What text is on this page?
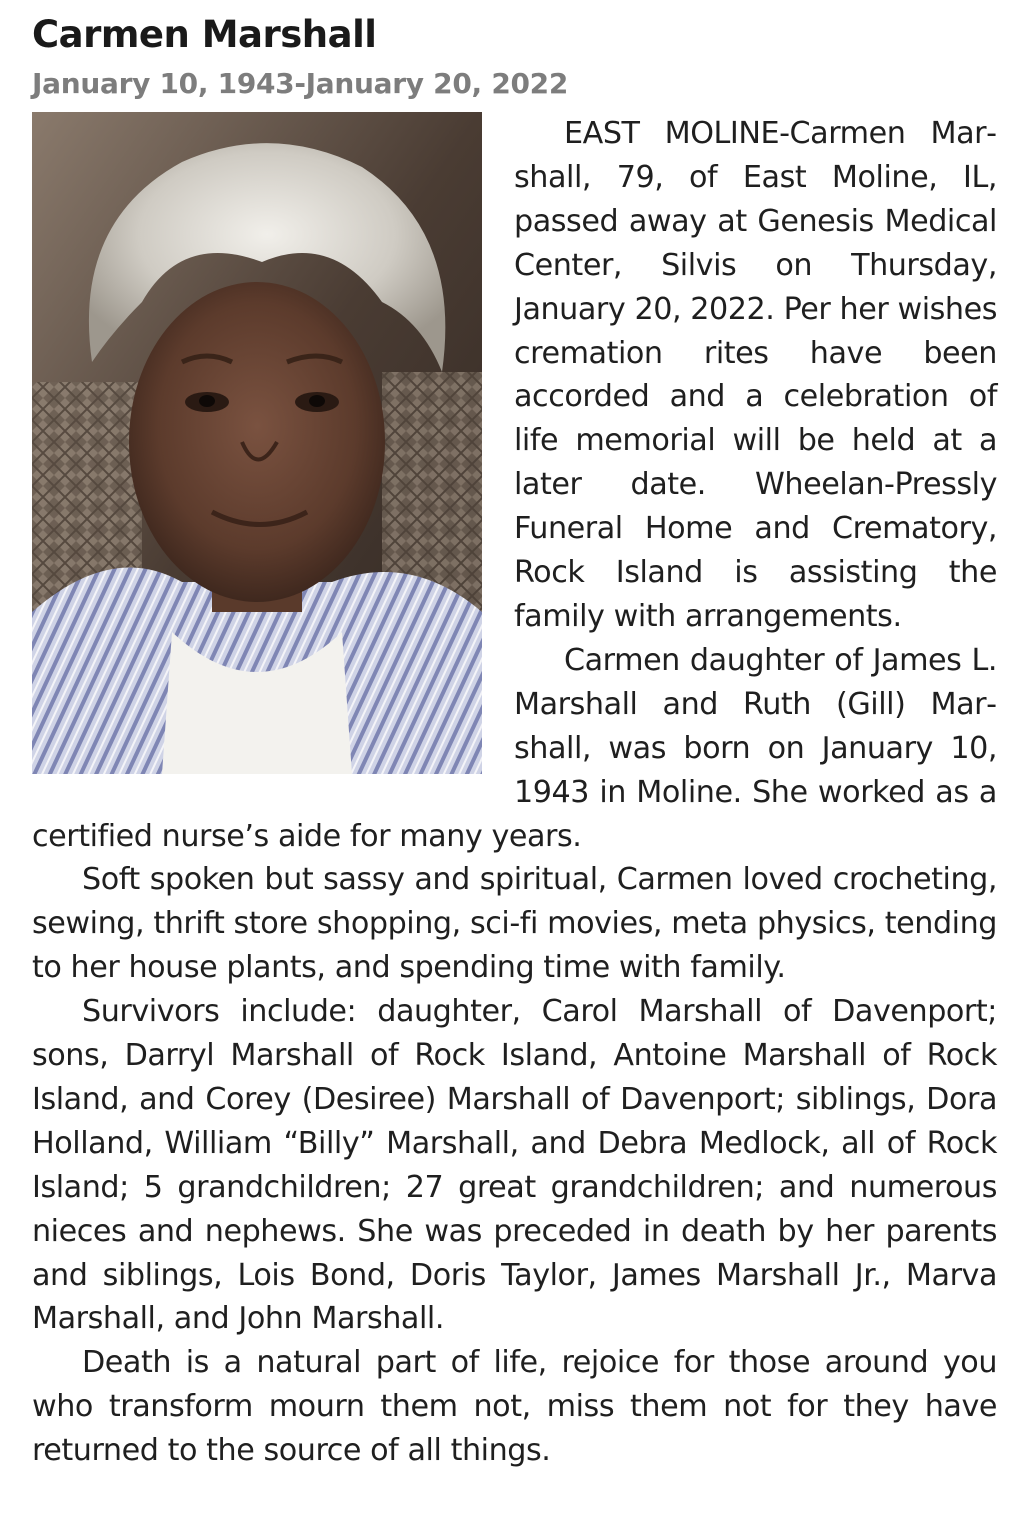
Carmen Marshall
January 10, 1943-January 20, 2022

EAST MOLINE-Carmen Marshall, 79, of East Moline, IL, passed away at Genesis Medical Center, Silvis on Thursday, January 20, 2022. Per her wishes cremation rites have been accorded and a celebration of life memorial will be held at a later date. Wheelan-Pressly Funeral Home and Crematory, Rock Island is assisting the family with arrangements.

Carmen daughter of James L. Marshall and Ruth (Gill) Marshall, was born on January 10, 1943 in Moline. She worked as a certified nurse’s aide for many years.

Soft spoken but sassy and spiritual, Carmen loved crocheting, sewing, thrift store shopping, sci-fi movies, meta physics, tending to her house plants, and spending time with family.

Survivors include: daughter, Carol Marshall of Davenport; sons, Darryl Marshall of Rock Island, Antoine Marshall of Rock Island, and Corey (Desiree) Marshall of Davenport; siblings, Dora Holland, William “Billy” Marshall, and Debra Medlock, all of Rock Island; 5 grandchildren; 27 great grandchildren; and numerous nieces and nephews. She was preceded in death by her parents and siblings, Lois Bond, Doris Taylor, James Marshall Jr., Marva Marshall, and John Marshall.

Death is a natural part of life, rejoice for those around you who transform mourn them not, miss them not for they have returned to the source of all things.
